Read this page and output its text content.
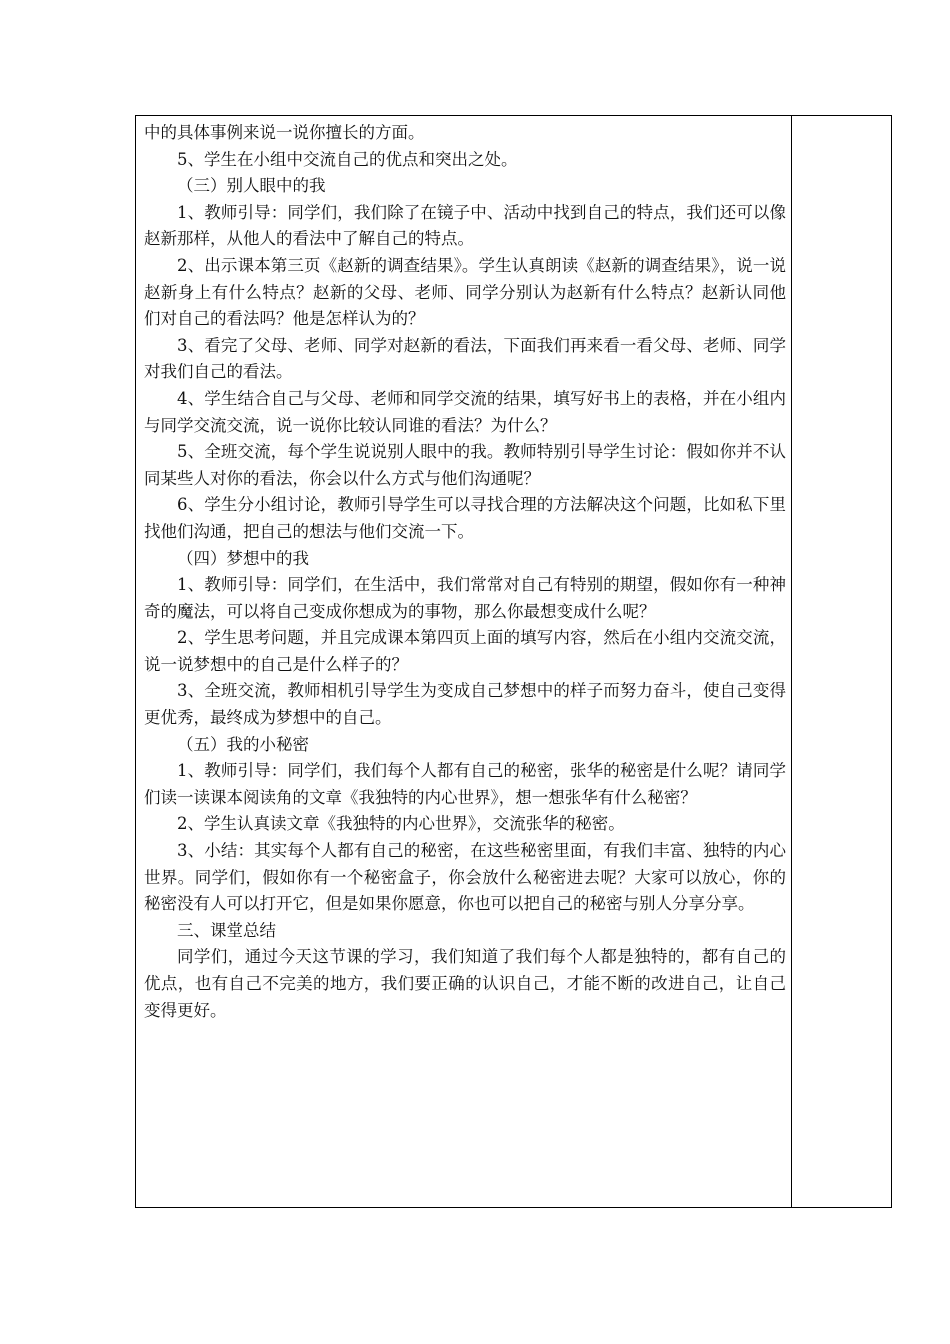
中的具体事例来说一说你擅长的方面。

5、学生在小组中交流自己的优点和突出之处。

（三）别人眼中的我

1、教师引导：同学们，我们除了在镜子中、活动中找到自己的特点，我们还可以像赵新那样，从他人的看法中了解自己的特点。

2、出示课本第三页《赵新的调查结果》。学生认真朗读《赵新的调查结果》，说一说赵新身上有什么特点？赵新的父母、老师、同学分别认为赵新有什么特点？赵新认同他们对自己的看法吗？他是怎样认为的？

3、看完了父母、老师、同学对赵新的看法，下面我们再来看一看父母、老师、同学对我们自己的看法。

4、学生结合自己与父母、老师和同学交流的结果，填写好书上的表格，并在小组内与同学交流交流，说一说你比较认同谁的看法？为什么？

5、全班交流，每个学生说说别人眼中的我。教师特别引导学生讨论：假如你并不认同某些人对你的看法，你会以什么方式与他们沟通呢？

6、学生分小组讨论，教师引导学生可以寻找合理的方法解决这个问题，比如私下里找他们沟通，把自己的想法与他们交流一下。

（四）梦想中的我

1、教师引导：同学们，在生活中，我们常常对自己有特别的期望，假如你有一种神奇的魔法，可以将自己变成你想成为的事物，那么你最想变成什么呢？

2、学生思考问题，并且完成课本第四页上面的填写内容，然后在小组内交流交流，说一说梦想中的自己是什么样子的？

3、全班交流，教师相机引导学生为变成自己梦想中的样子而努力奋斗，使自己变得更优秀，最终成为梦想中的自己。

（五）我的小秘密

1、教师引导：同学们，我们每个人都有自己的秘密，张华的秘密是什么呢？请同学们读一读课本阅读角的文章《我独特的内心世界》，想一想张华有什么秘密？

2、学生认真读文章《我独特的内心世界》，交流张华的秘密。

3、小结：其实每个人都有自己的秘密，在这些秘密里面，有我们丰富、独特的内心世界。同学们，假如你有一个秘密盒子，你会放什么秘密进去呢？大家可以放心，你的秘密没有人可以打开它，但是如果你愿意，你也可以把自己的秘密与别人分享分享。

三、课堂总结

同学们，通过今天这节课的学习，我们知道了我们每个人都是独特的，都有自己的优点，也有自己不完美的地方，我们要正确的认识自己，才能不断的改进自己，让自己变得更好。
